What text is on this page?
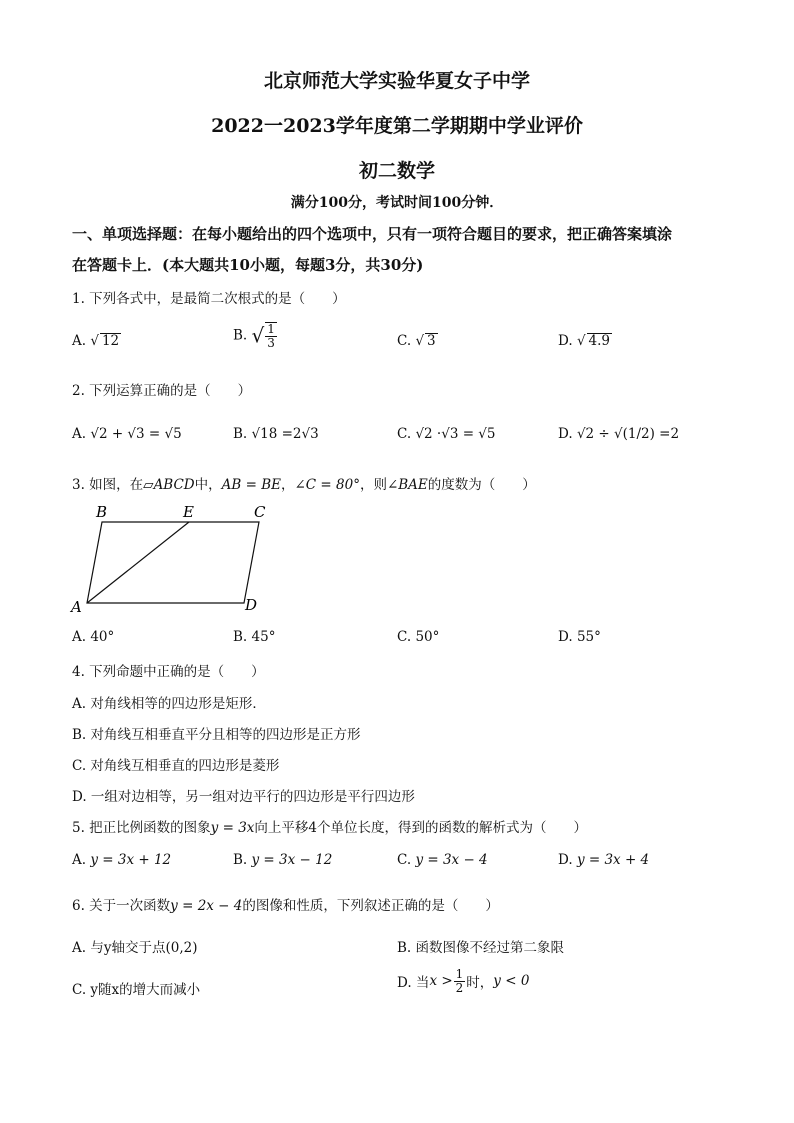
北京师范大学实验华夏女子中学
2022一2023学年度第二学期期中学业评价
初二数学
满分100分，考试时间100分钟．
一、单项选择题：在每小题给出的四个选项中，只有一项符合题目的要求，把正确答案填涂
在答题卡上．(本大题共10小题，每题3分，共30分)
1. 下列各式中，是最简二次根式的是（　　）
A. √ 12	B. √ $\frac{1}{3}$	C. √ 3	D. √ 4.9
2. 下列运算正确的是（　　）
A. √2 + √3 = √5	B. √18 =2√3	C. √2 ·√3 = √5	D. √2 ÷ √(1/2) =2
3. 如图，在▱ABCD中，AB = BE，∠C = 80°，则∠BAE的度数为（　　）
B	E	C
A	D
A. 40°	B. 45°	C. 50°	D. 55°
4. 下列命题中正确的是（　　）
A. 对角线相等的四边形是矩形．
B. 对角线互相垂直平分且相等的四边形是正方形
C. 对角线互相垂直的四边形是菱形
D. 一组对边相等，另一组对边平行的四边形是平行四边形
5. 把正比例函数的图象y = 3x向上平移4个单位长度，得到的函数的解析式为（　　）
A. y = 3x + 12	B. y = 3x − 12	C. y = 3x − 4	D. y = 3x + 4
6. 关于一次函数y = 2x − 4的图像和性质，下列叙述正确的是（　　）
A. 与y轴交于点(0,2)	B. 函数图像不经过第二象限
C. y随x的增大而减小	D. 当$x > \frac{1}{2}$ 时，y < 0
